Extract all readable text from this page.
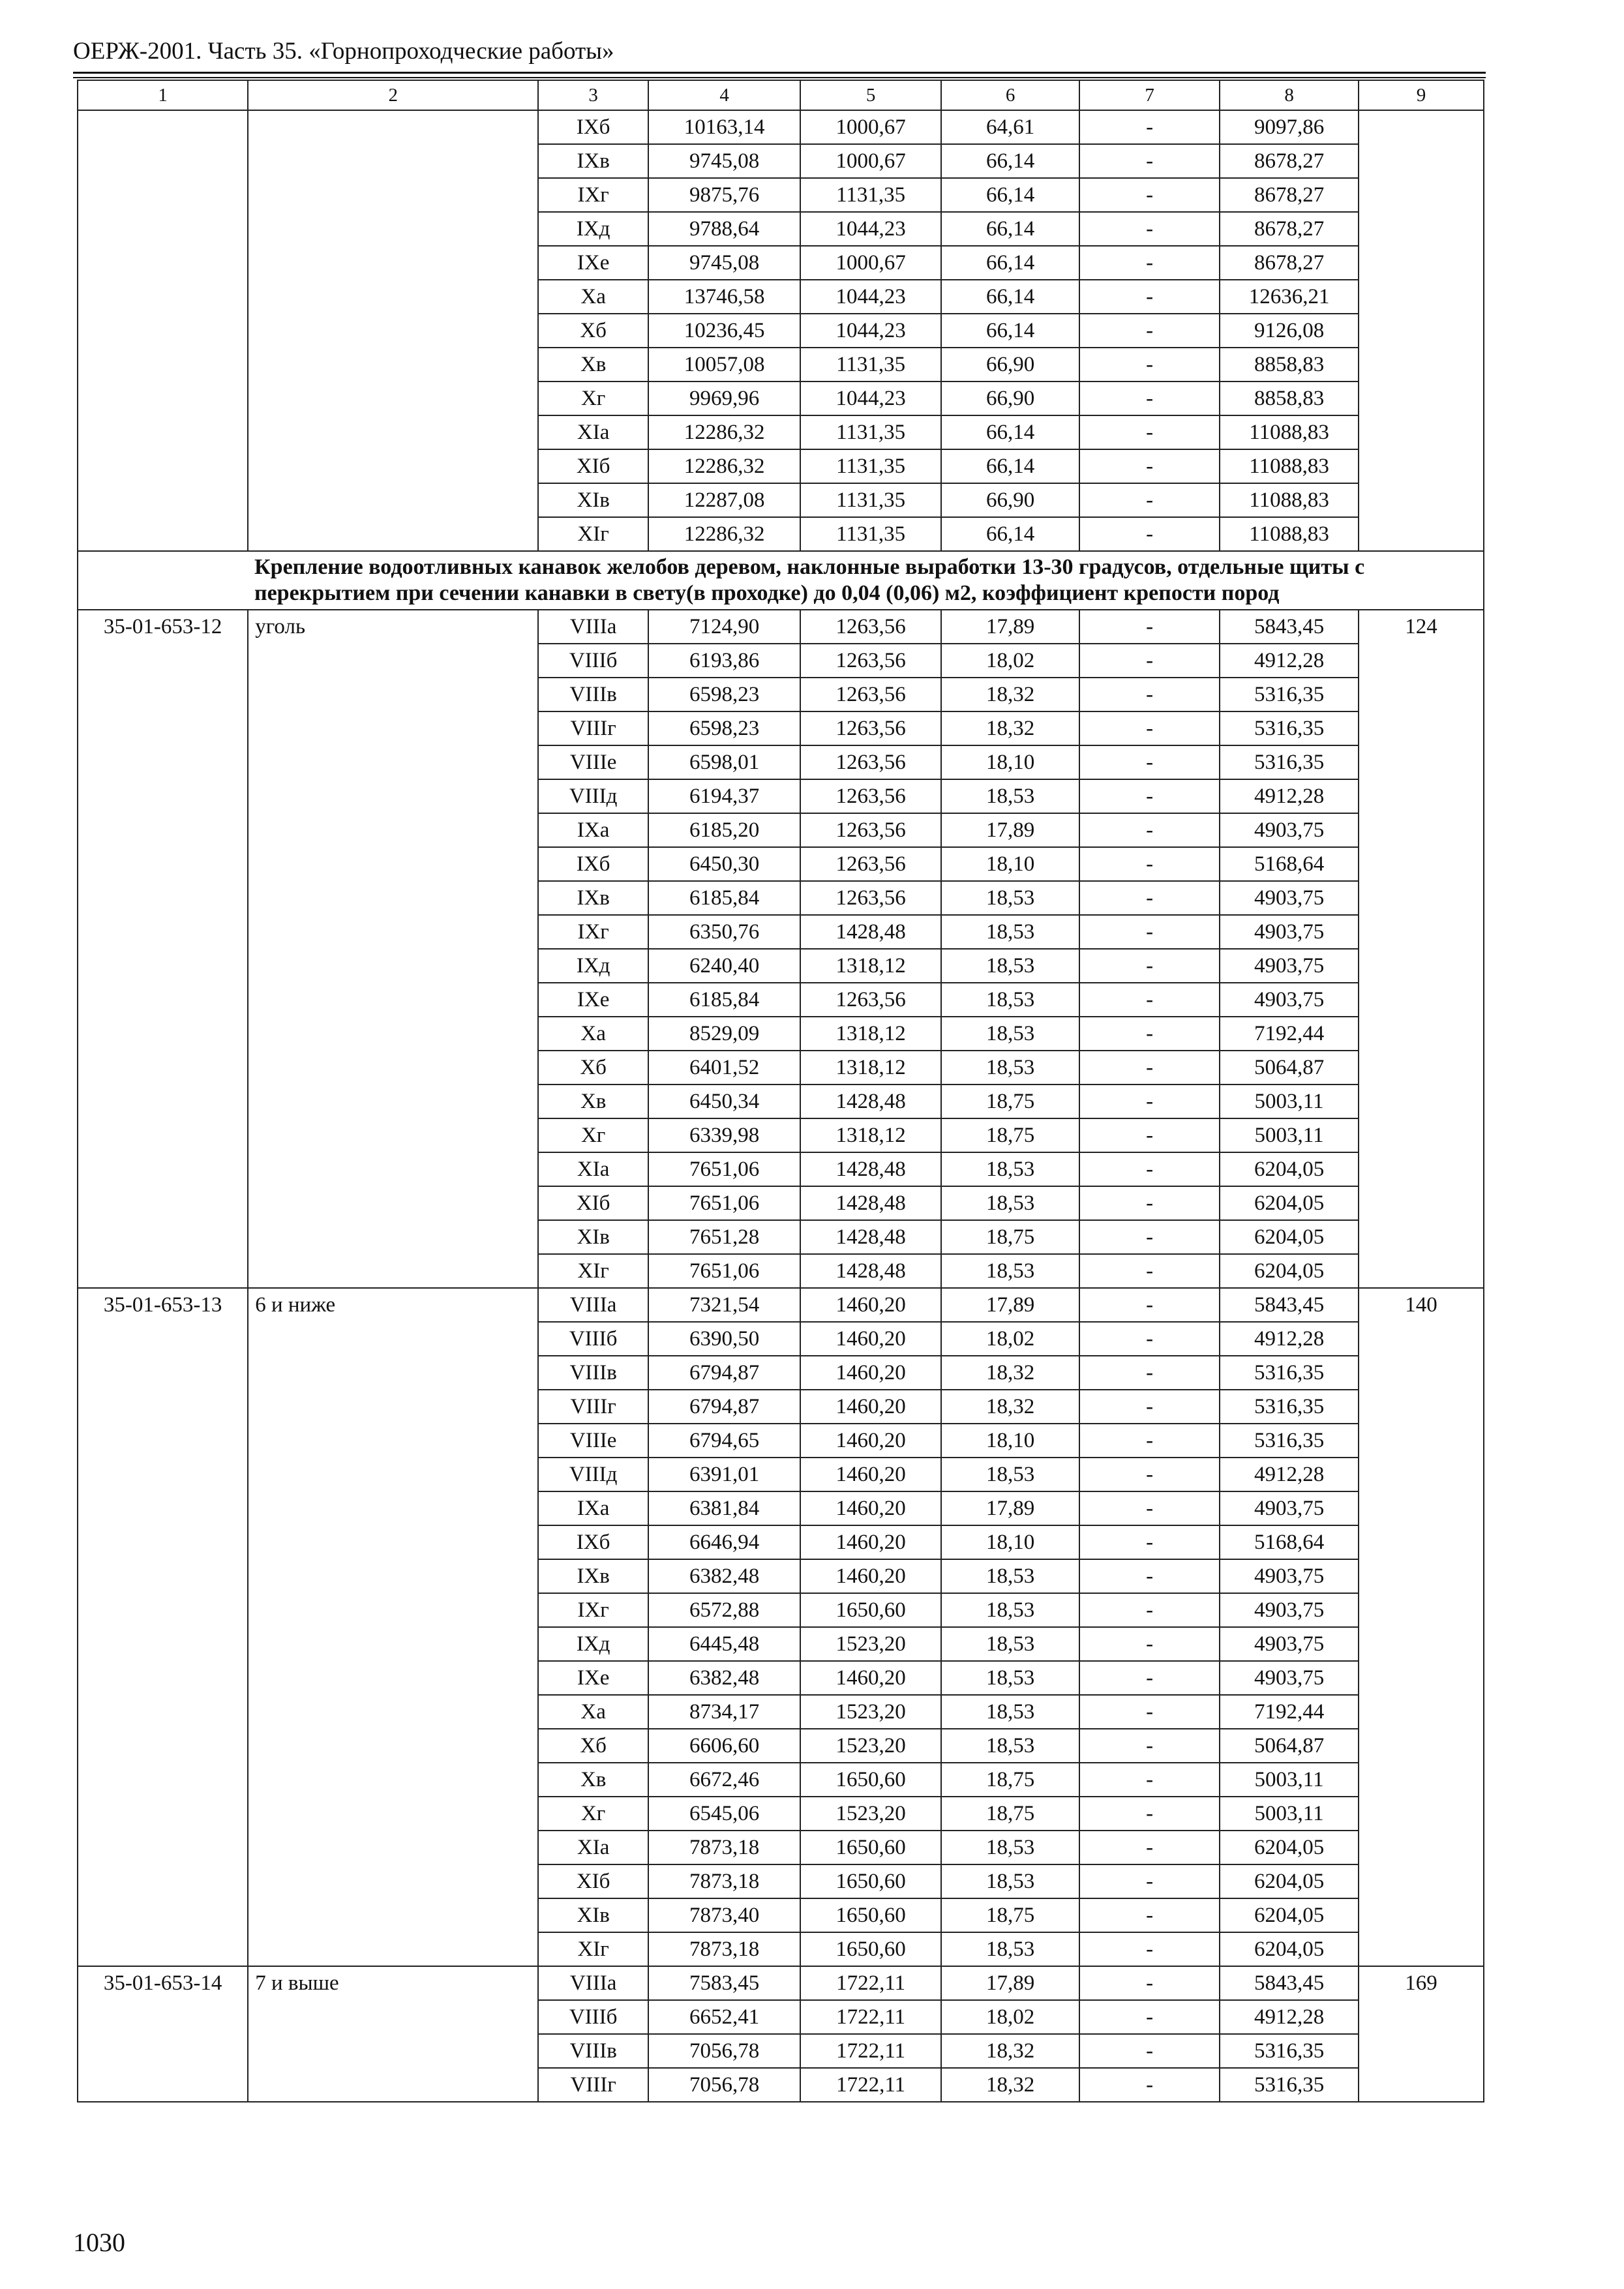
ОЕРЖ-2001. Часть 35. «Горнопроходческие работы»
1	2	3	4	5	6	7	8	9
		IXб	10163,14	1000,67	64,61	-	9097,86	
		IXв	9745,08	1000,67	66,14	-	8678,27	
		IXг	9875,76	1131,35	66,14	-	8678,27	
		IXд	9788,64	1044,23	66,14	-	8678,27	
		IXе	9745,08	1000,67	66,14	-	8678,27	
		Xа	13746,58	1044,23	66,14	-	12636,21	
		Xб	10236,45	1044,23	66,14	-	9126,08	
		Xв	10057,08	1131,35	66,90	-	8858,83	
		Xг	9969,96	1044,23	66,90	-	8858,83	
		XIа	12286,32	1131,35	66,14	-	11088,83	
		XIб	12286,32	1131,35	66,14	-	11088,83	
		XIв	12287,08	1131,35	66,90	-	11088,83	
		XIг	12286,32	1131,35	66,14	-	11088,83	
Крепление водоотливных канавок желобов деревом, наклонные выработки 13-30 градусов, отдельные щиты с перекрытием при сечении канавки в свету(в проходке) до 0,04 (0,06) м2, коэффициент крепости пород								
35-01-653-12	уголь	VIIIа	7124,90	1263,56	17,89	-	5843,45	124
		VIIIб	6193,86	1263,56	18,02	-	4912,28	
		VIIIв	6598,23	1263,56	18,32	-	5316,35	
		VIIIг	6598,23	1263,56	18,32	-	5316,35	
		VIIIе	6598,01	1263,56	18,10	-	5316,35	
		VIIIд	6194,37	1263,56	18,53	-	4912,28	
		IXа	6185,20	1263,56	17,89	-	4903,75	
		IXб	6450,30	1263,56	18,10	-	5168,64	
		IXв	6185,84	1263,56	18,53	-	4903,75	
		IXг	6350,76	1428,48	18,53	-	4903,75	
		IXд	6240,40	1318,12	18,53	-	4903,75	
		IXе	6185,84	1263,56	18,53	-	4903,75	
		Xа	8529,09	1318,12	18,53	-	7192,44	
		Xб	6401,52	1318,12	18,53	-	5064,87	
		Xв	6450,34	1428,48	18,75	-	5003,11	
		Xг	6339,98	1318,12	18,75	-	5003,11	
		XIа	7651,06	1428,48	18,53	-	6204,05	
		XIб	7651,06	1428,48	18,53	-	6204,05	
		XIв	7651,28	1428,48	18,75	-	6204,05	
		XIг	7651,06	1428,48	18,53	-	6204,05	
35-01-653-13	6 и ниже	VIIIа	7321,54	1460,20	17,89	-	5843,45	140
		VIIIб	6390,50	1460,20	18,02	-	4912,28	
		VIIIв	6794,87	1460,20	18,32	-	5316,35	
		VIIIг	6794,87	1460,20	18,32	-	5316,35	
		VIIIе	6794,65	1460,20	18,10	-	5316,35	
		VIIIд	6391,01	1460,20	18,53	-	4912,28	
		IXа	6381,84	1460,20	17,89	-	4903,75	
		IXб	6646,94	1460,20	18,10	-	5168,64	
		IXв	6382,48	1460,20	18,53	-	4903,75	
		IXг	6572,88	1650,60	18,53	-	4903,75	
		IXд	6445,48	1523,20	18,53	-	4903,75	
		IXе	6382,48	1460,20	18,53	-	4903,75	
		Xа	8734,17	1523,20	18,53	-	7192,44	
		Xб	6606,60	1523,20	18,53	-	5064,87	
		Xв	6672,46	1650,60	18,75	-	5003,11	
		Xг	6545,06	1523,20	18,75	-	5003,11	
		XIа	7873,18	1650,60	18,53	-	6204,05	
		XIб	7873,18	1650,60	18,53	-	6204,05	
		XIв	7873,40	1650,60	18,75	-	6204,05	
		XIг	7873,18	1650,60	18,53	-	6204,05	
35-01-653-14	7 и выше	VIIIа	7583,45	1722,11	17,89	-	5843,45	169
		VIIIб	6652,41	1722,11	18,02	-	4912,28	
		VIIIв	7056,78	1722,11	18,32	-	5316,35	
		VIIIг	7056,78	1722,11	18,32	-	5316,35	
1030
